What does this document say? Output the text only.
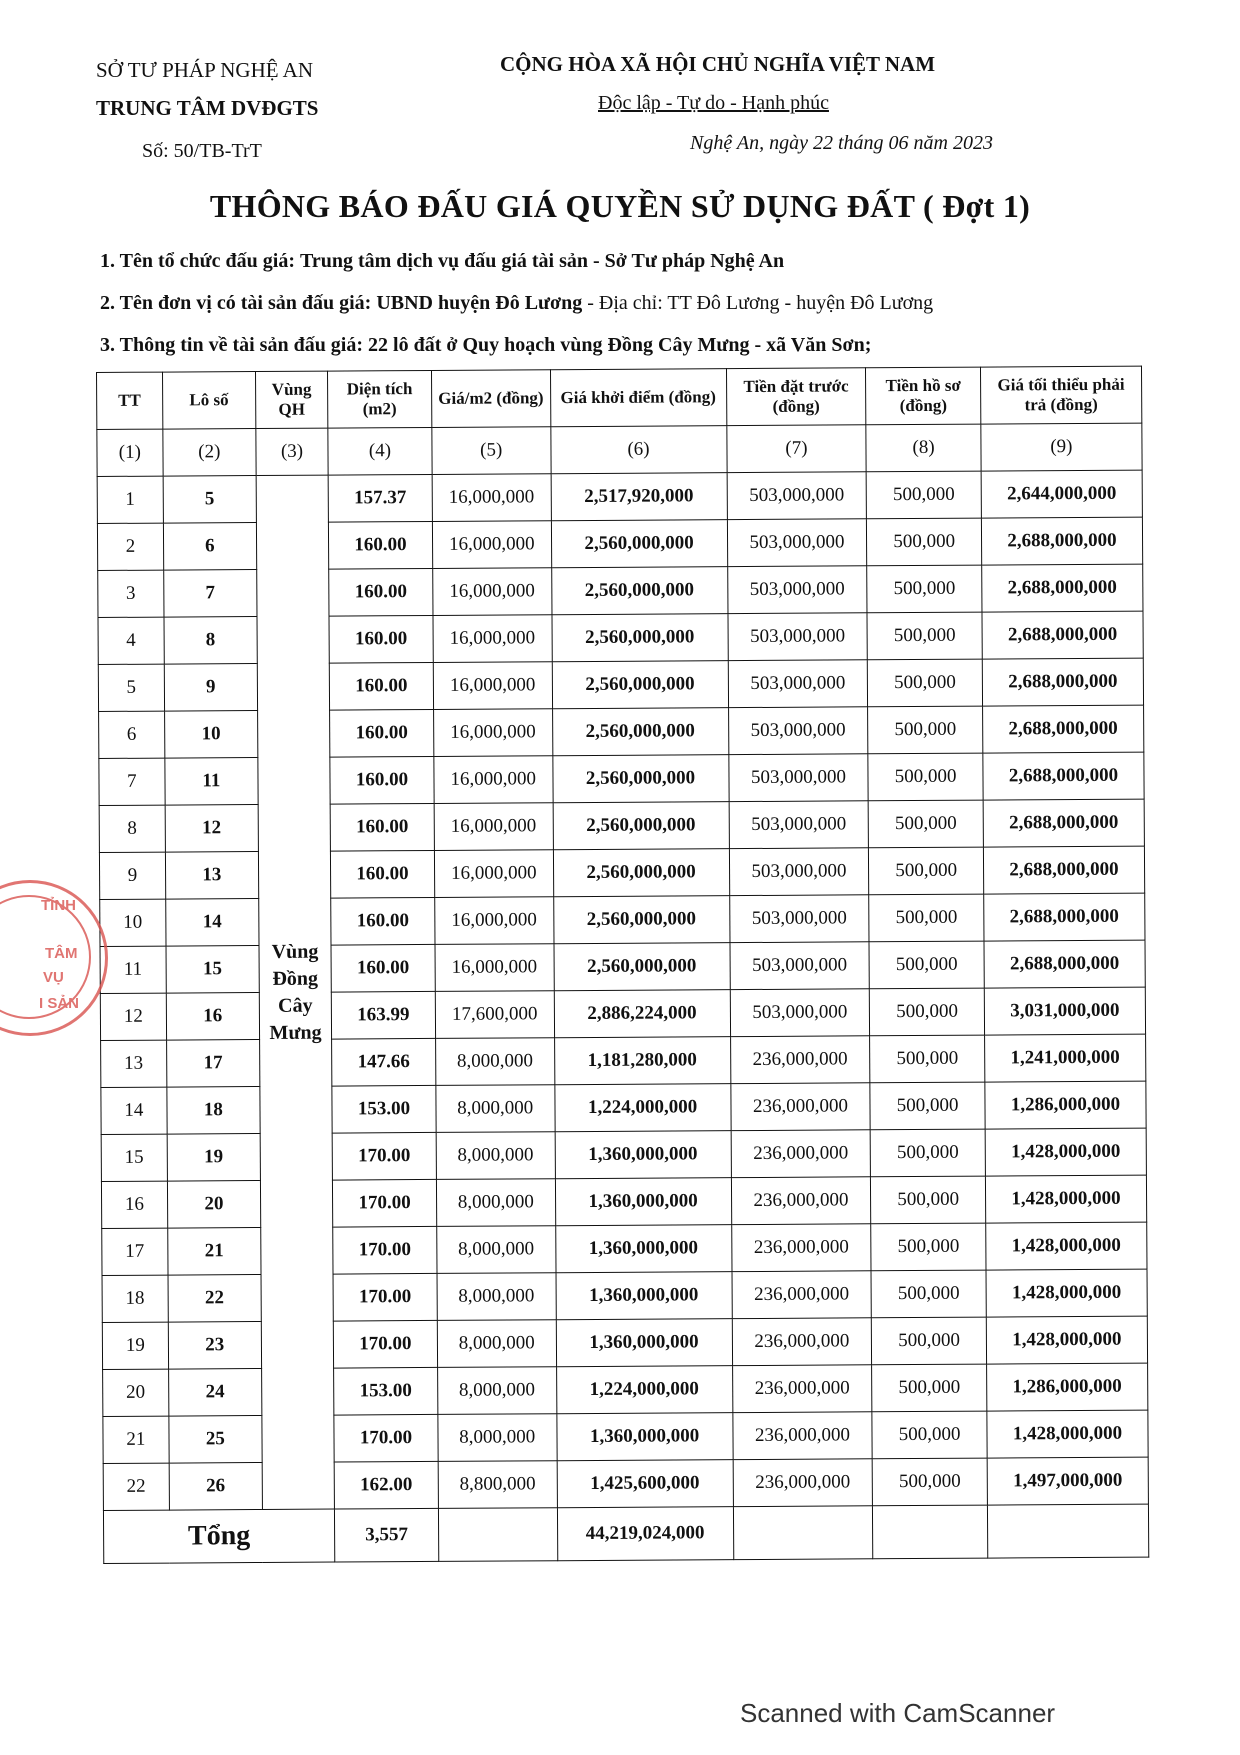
SỞ TƯ PHÁP NGHỆ AN
TRUNG TÂM DVĐGTS
Số: 50/TB-TrT
CỘNG HÒA XÃ HỘI CHỦ NGHĨA VIỆT NAM
Độc lập - Tự do - Hạnh phúc
Nghệ An, ngày 22 tháng 06 năm 2023
THÔNG BÁO ĐẤU GIÁ QUYỀN SỬ DỤNG ĐẤT ( Đợt 1)
1. Tên tổ chức đấu giá: Trung tâm dịch vụ đấu giá tài sản - Sở Tư pháp Nghệ An
2. Tên đơn vị có tài sản đấu giá: UBND huyện Đô Lương - Địa chỉ: TT Đô Lương - huyện Đô Lương
3. Thông tin về tài sản đấu giá: 22 lô đất ở Quy hoạch vùng Đồng Cây Mưng - xã Văn Sơn;
TT	Lô số	Vùng QH	Diện tích (m2)	Giá/m2 (đồng)	Giá khởi điểm (đồng)	Tiền đặt trước (đồng)	Tiền hồ sơ (đồng)	Giá tối thiểu phải trả (đồng)
(1)	(2)	(3)	(4)	(5)	(6)	(7)	(8)	(9)
1	5	Vùng Đồng Cây Mưng	157.37	16,000,000	2,517,920,000	503,000,000	500,000	2,644,000,000
2	6		160.00	16,000,000	2,560,000,000	503,000,000	500,000	2,688,000,000
3	7		160.00	16,000,000	2,560,000,000	503,000,000	500,000	2,688,000,000
4	8		160.00	16,000,000	2,560,000,000	503,000,000	500,000	2,688,000,000
5	9		160.00	16,000,000	2,560,000,000	503,000,000	500,000	2,688,000,000
6	10		160.00	16,000,000	2,560,000,000	503,000,000	500,000	2,688,000,000
7	11		160.00	16,000,000	2,560,000,000	503,000,000	500,000	2,688,000,000
8	12		160.00	16,000,000	2,560,000,000	503,000,000	500,000	2,688,000,000
9	13		160.00	16,000,000	2,560,000,000	503,000,000	500,000	2,688,000,000
10	14		160.00	16,000,000	2,560,000,000	503,000,000	500,000	2,688,000,000
11	15		160.00	16,000,000	2,560,000,000	503,000,000	500,000	2,688,000,000
12	16		163.99	17,600,000	2,886,224,000	503,000,000	500,000	3,031,000,000
13	17		147.66	8,000,000	1,181,280,000	236,000,000	500,000	1,241,000,000
14	18		153.00	8,000,000	1,224,000,000	236,000,000	500,000	1,286,000,000
15	19		170.00	8,000,000	1,360,000,000	236,000,000	500,000	1,428,000,000
16	20		170.00	8,000,000	1,360,000,000	236,000,000	500,000	1,428,000,000
17	21		170.00	8,000,000	1,360,000,000	236,000,000	500,000	1,428,000,000
18	22		170.00	8,000,000	1,360,000,000	236,000,000	500,000	1,428,000,000
19	23		170.00	8,000,000	1,360,000,000	236,000,000	500,000	1,428,000,000
20	24		153.00	8,000,000	1,224,000,000	236,000,000	500,000	1,286,000,000
21	25		170.00	8,000,000	1,360,000,000	236,000,000	500,000	1,428,000,000
22	26		162.00	8,800,000	1,425,600,000	236,000,000	500,000	1,497,000,000
Tổng			3,557		44,219,024,000			
TỈNH
TÂM
VỤ
I SẢN
Scanned with CamScanner
